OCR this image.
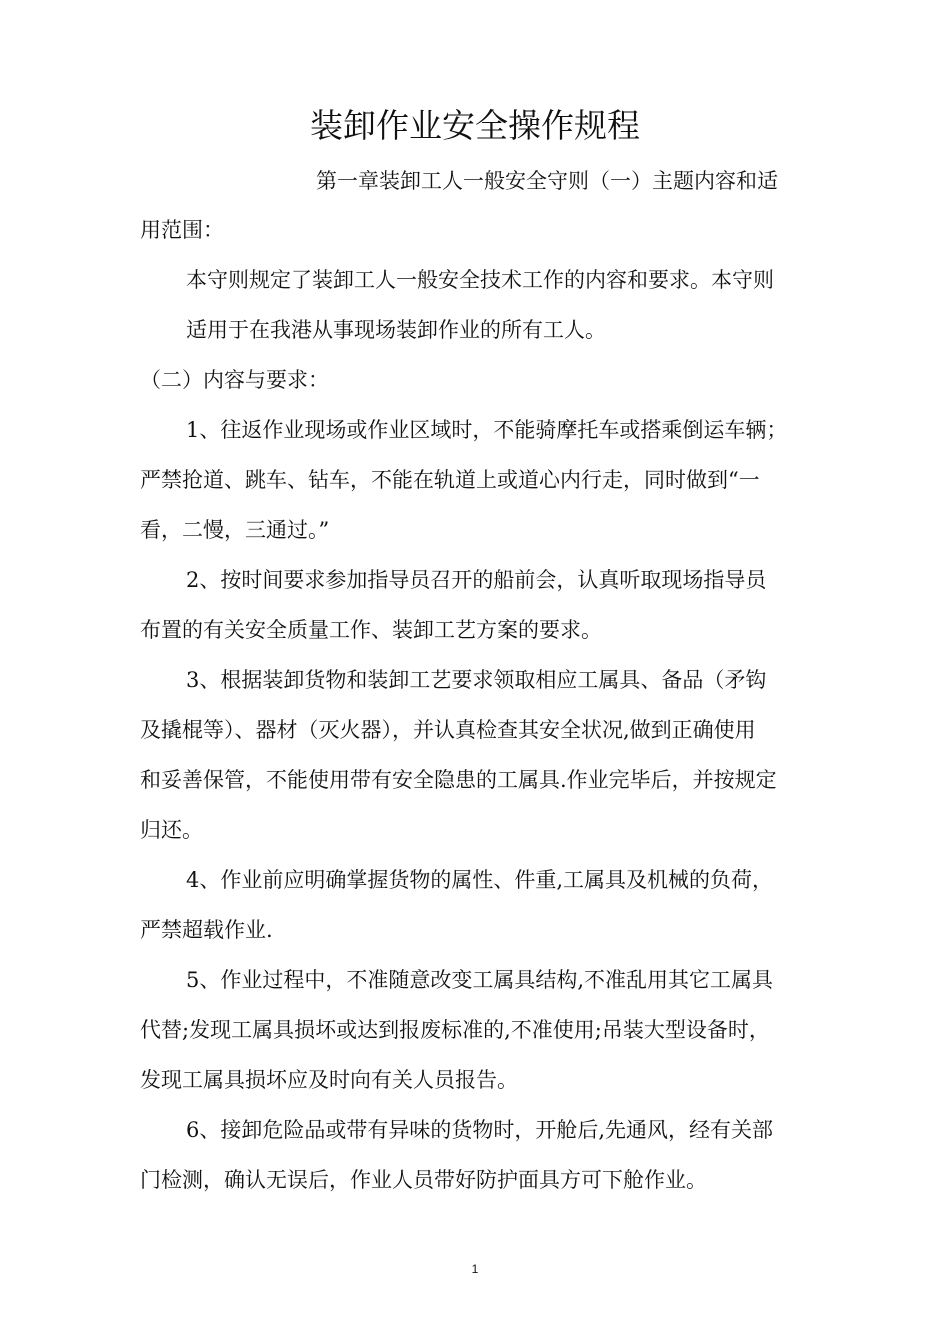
装卸作业安全操作规程
第一章装卸工人一般安全守则（一）主题内容和适
用范围：
本守则规定了装卸工人一般安全技术工作的内容和要求。本守则
适用于在我港从事现场装卸作业的所有工人。
（二）内容与要求：
1、往返作业现场或作业区域时，不能骑摩托车或搭乘倒运车辆；
严禁抢道、跳车、钻车，不能在轨道上或道心内行走，同时做到“一
看，二慢，三通过。”
2、按时间要求参加指导员召开的船前会，认真听取现场指导员
布置的有关安全质量工作、装卸工艺方案的要求。
3、根据装卸货物和装卸工艺要求领取相应工属具、备品（矛钩
及撬棍等）、器材（灭火器），并认真检查其安全状况,做到正确使用
和妥善保管，不能使用带有安全隐患的工属具.作业完毕后，并按规定
归还。
4、作业前应明确掌握货物的属性、件重,工属具及机械的负荷，
严禁超载作业.
5、作业过程中，不准随意改变工属具结构,不准乱用其它工属具
代替;发现工属具损坏或达到报废标准的,不准使用;吊装大型设备时，
发现工属具损坏应及时向有关人员报告。
6、接卸危险品或带有异味的货物时，开舱后,先通风，经有关部
门检测，确认无误后，作业人员带好防护面具方可下舱作业。
1
